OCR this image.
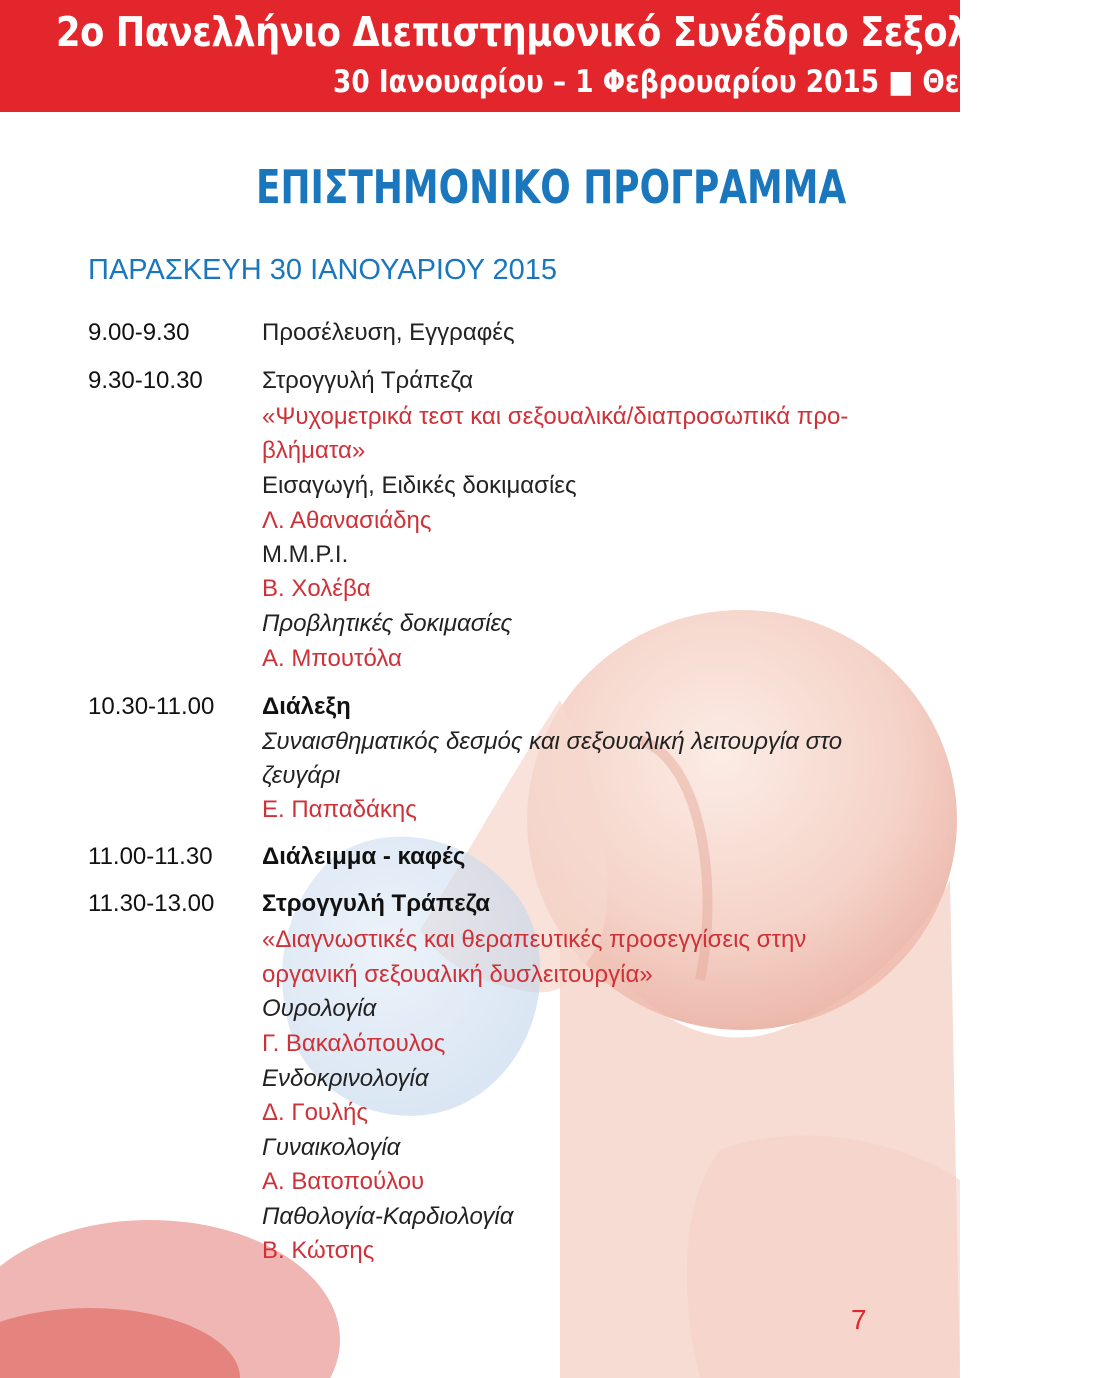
2ο Πανελλήνιο Διεπιστημονικό Συνέδριο Σεξολογίας
30 Ιανουαρίου – 1 Φεβρουαρίου 2015 ■ Θεσσαλονίκη
ΕΠΙΣΤΗΜΟΝΙΚΟ ΠΡΟΓΡΑΜΜΑ
ΠΑΡΑΣΚΕΥΗ 30 ΙΑΝΟΥΑΡΙΟΥ 2015
9.00-9.30	Προσέλευση, Εγγραφές
9.30-10.30 Στρογγυλή Τράπεζα
«Ψυχομετρικά τεστ και σεξουαλικά/διαπροσωπικά προ-
βλήματα»
Εισαγωγή, Ειδικές δοκιμασίες
Λ. Αθανασιάδης
M.M.P.I.
Β. Χολέβα
Προβλητικές δοκιμασίες
Α. Μπουτόλα
10.30-11.00 Διάλεξη
Συναισθηματικός δεσμός και σεξουαλική λειτουργία στο
ζευγάρι
Ε. Παπαδάκης
11.00-11.30 Διάλειμμα - καφές
11.30-13.00 Στρογγυλή Τράπεζα
«Διαγνωστικές και θεραπευτικές προσεγγίσεις στην
οργανική σεξουαλική δυσλειτουργία»
Ουρολογία
Γ. Βακαλόπουλος
Ενδοκρινολογία
Δ. Γουλής
Γυναικολογία
Α. Βατοπούλου
Παθολογία-Καρδιολογία
Β. Κώτσης
7
